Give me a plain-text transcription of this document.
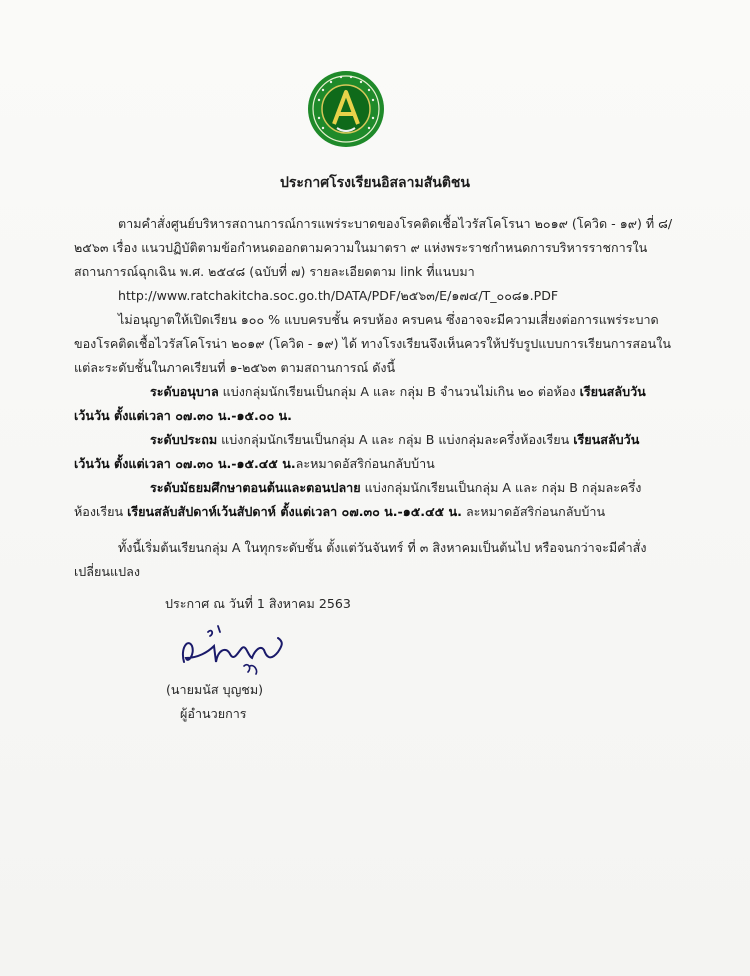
ประกาศโรงเรียนอิสลามสันติชน
ตามคำสั่งศูนย์บริหารสถานการณ์การแพร่ระบาดของโรคติดเชื้อไวรัสโคโรนา ๒๐๑๙ (โควิด - ๑๙) ที่ ๘/
๒๕๖๓ เรื่อง แนวปฏิบัติตามข้อกำหนดออกตามความในมาตรา ๙ แห่งพระราชกำหนดการบริหารราชการใน
สถานการณ์ฉุกเฉิน พ.ศ. ๒๕๔๘ (ฉบับที่ ๗) รายละเอียดตาม link ที่แนบมา
http://www.ratchakitcha.soc.go.th/DATA/PDF/๒๕๖๓/E/๑๗๔/T_๐๐๘๑.PDF
ไม่อนุญาตให้เปิดเรียน ๑๐๐ % แบบครบชั้น ครบห้อง ครบคน ซึ่งอาจจะมีความเสี่ยงต่อการแพร่ระบาด
ของโรคติดเชื้อไวรัสโคโรน่า ๒๐๑๙ (โควิด - ๑๙) ได้ ทางโรงเรียนจึงเห็นควรให้ปรับรูปแบบการเรียนการสอนใน
แต่ละระดับชั้นในภาคเรียนที่ ๑-๒๕๖๓ ตามสถานการณ์ ดังนี้
ระดับอนุบาล แบ่งกลุ่มนักเรียนเป็นกลุ่ม A และ กลุ่ม B จำนวนไม่เกิน ๒๐ ต่อห้อง เรียนสลับวัน
เว้นวัน ตั้งแต่เวลา ๐๗.๓๐ น.-๑๕.๐๐ น.
ระดับประถม แบ่งกลุ่มนักเรียนเป็นกลุ่ม A และ กลุ่ม B แบ่งกลุ่มละครึ่งห้องเรียน เรียนสลับวัน
เว้นวัน ตั้งแต่เวลา ๐๗.๓๐ น.-๑๕.๔๕ น.ละหมาดอัสริก่อนกลับบ้าน
ระดับมัธยมศึกษาตอนต้นและตอนปลาย แบ่งกลุ่มนักเรียนเป็นกลุ่ม A และ กลุ่ม B กลุ่มละครึ่ง
ห้องเรียน เรียนสลับสัปดาห์เว้นสัปดาห์ ตั้งแต่เวลา ๐๗.๓๐ น.-๑๕.๔๕ น. ละหมาดอัสริก่อนกลับบ้าน
ทั้งนี้เริ่มต้นเรียนกลุ่ม A ในทุกระดับชั้น ตั้งแต่วันจันทร์ ที่ ๓ สิงหาคมเป็นต้นไป หรือจนกว่าจะมีคำสั่ง
เปลี่ยนแปลง
ประกาศ ณ วันที่ 1 สิงหาคม 2563
(นายมนัส บุญชม)
ผู้อำนวยการ
